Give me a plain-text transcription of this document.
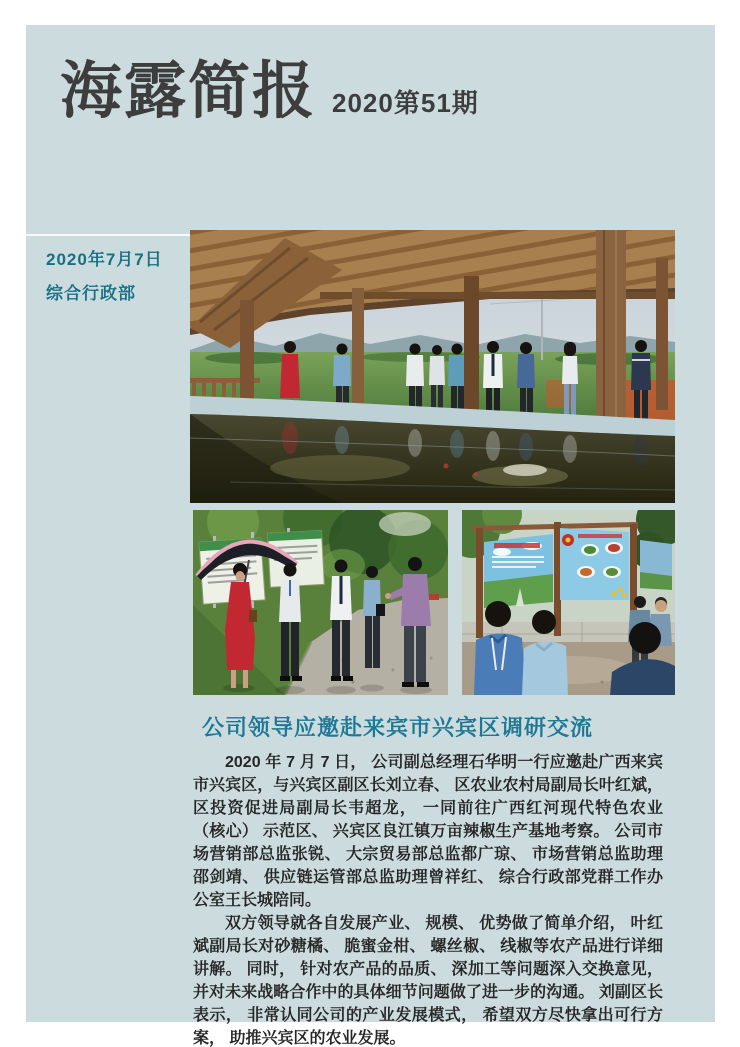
海露简报 2020第51期
2020年7月7日
综合行政部
公司领导应邀赴来宾市兴宾区调研交流

2020 年 7 月 7 日， 公司副总经理石华明一行应邀赴广西来宾市兴宾区，与兴宾区副区长刘立春、 区农业农村局副局长叶红斌， 区投资促进局副局长韦超龙， 一同前往广西红河现代特色农业 （核心） 示范区、 兴宾区良江镇万亩辣椒生产基地考察。 公司市场营销部总监张锐、 大宗贸易部总监都广琼、 市场营销总监助理邵剑靖、 供应链运管部总监助理曾祥红、 综合行政部党群工作办公室王长城陪同。

双方领导就各自发展产业、 规模、 优势做了简单介绍， 叶红斌副局长对砂糖橘、 脆蜜金柑、 螺丝椒、 线椒等农产品进行详细讲解。 同时， 针对农产品的品质、 深加工等问题深入交换意见， 并对未来战略合作中的具体细节问题做了进一步的沟通。 刘副区长表示， 非常认同公司的产业发展模式， 希望双方尽快拿出可行方案， 助推兴宾区的农业发展。
